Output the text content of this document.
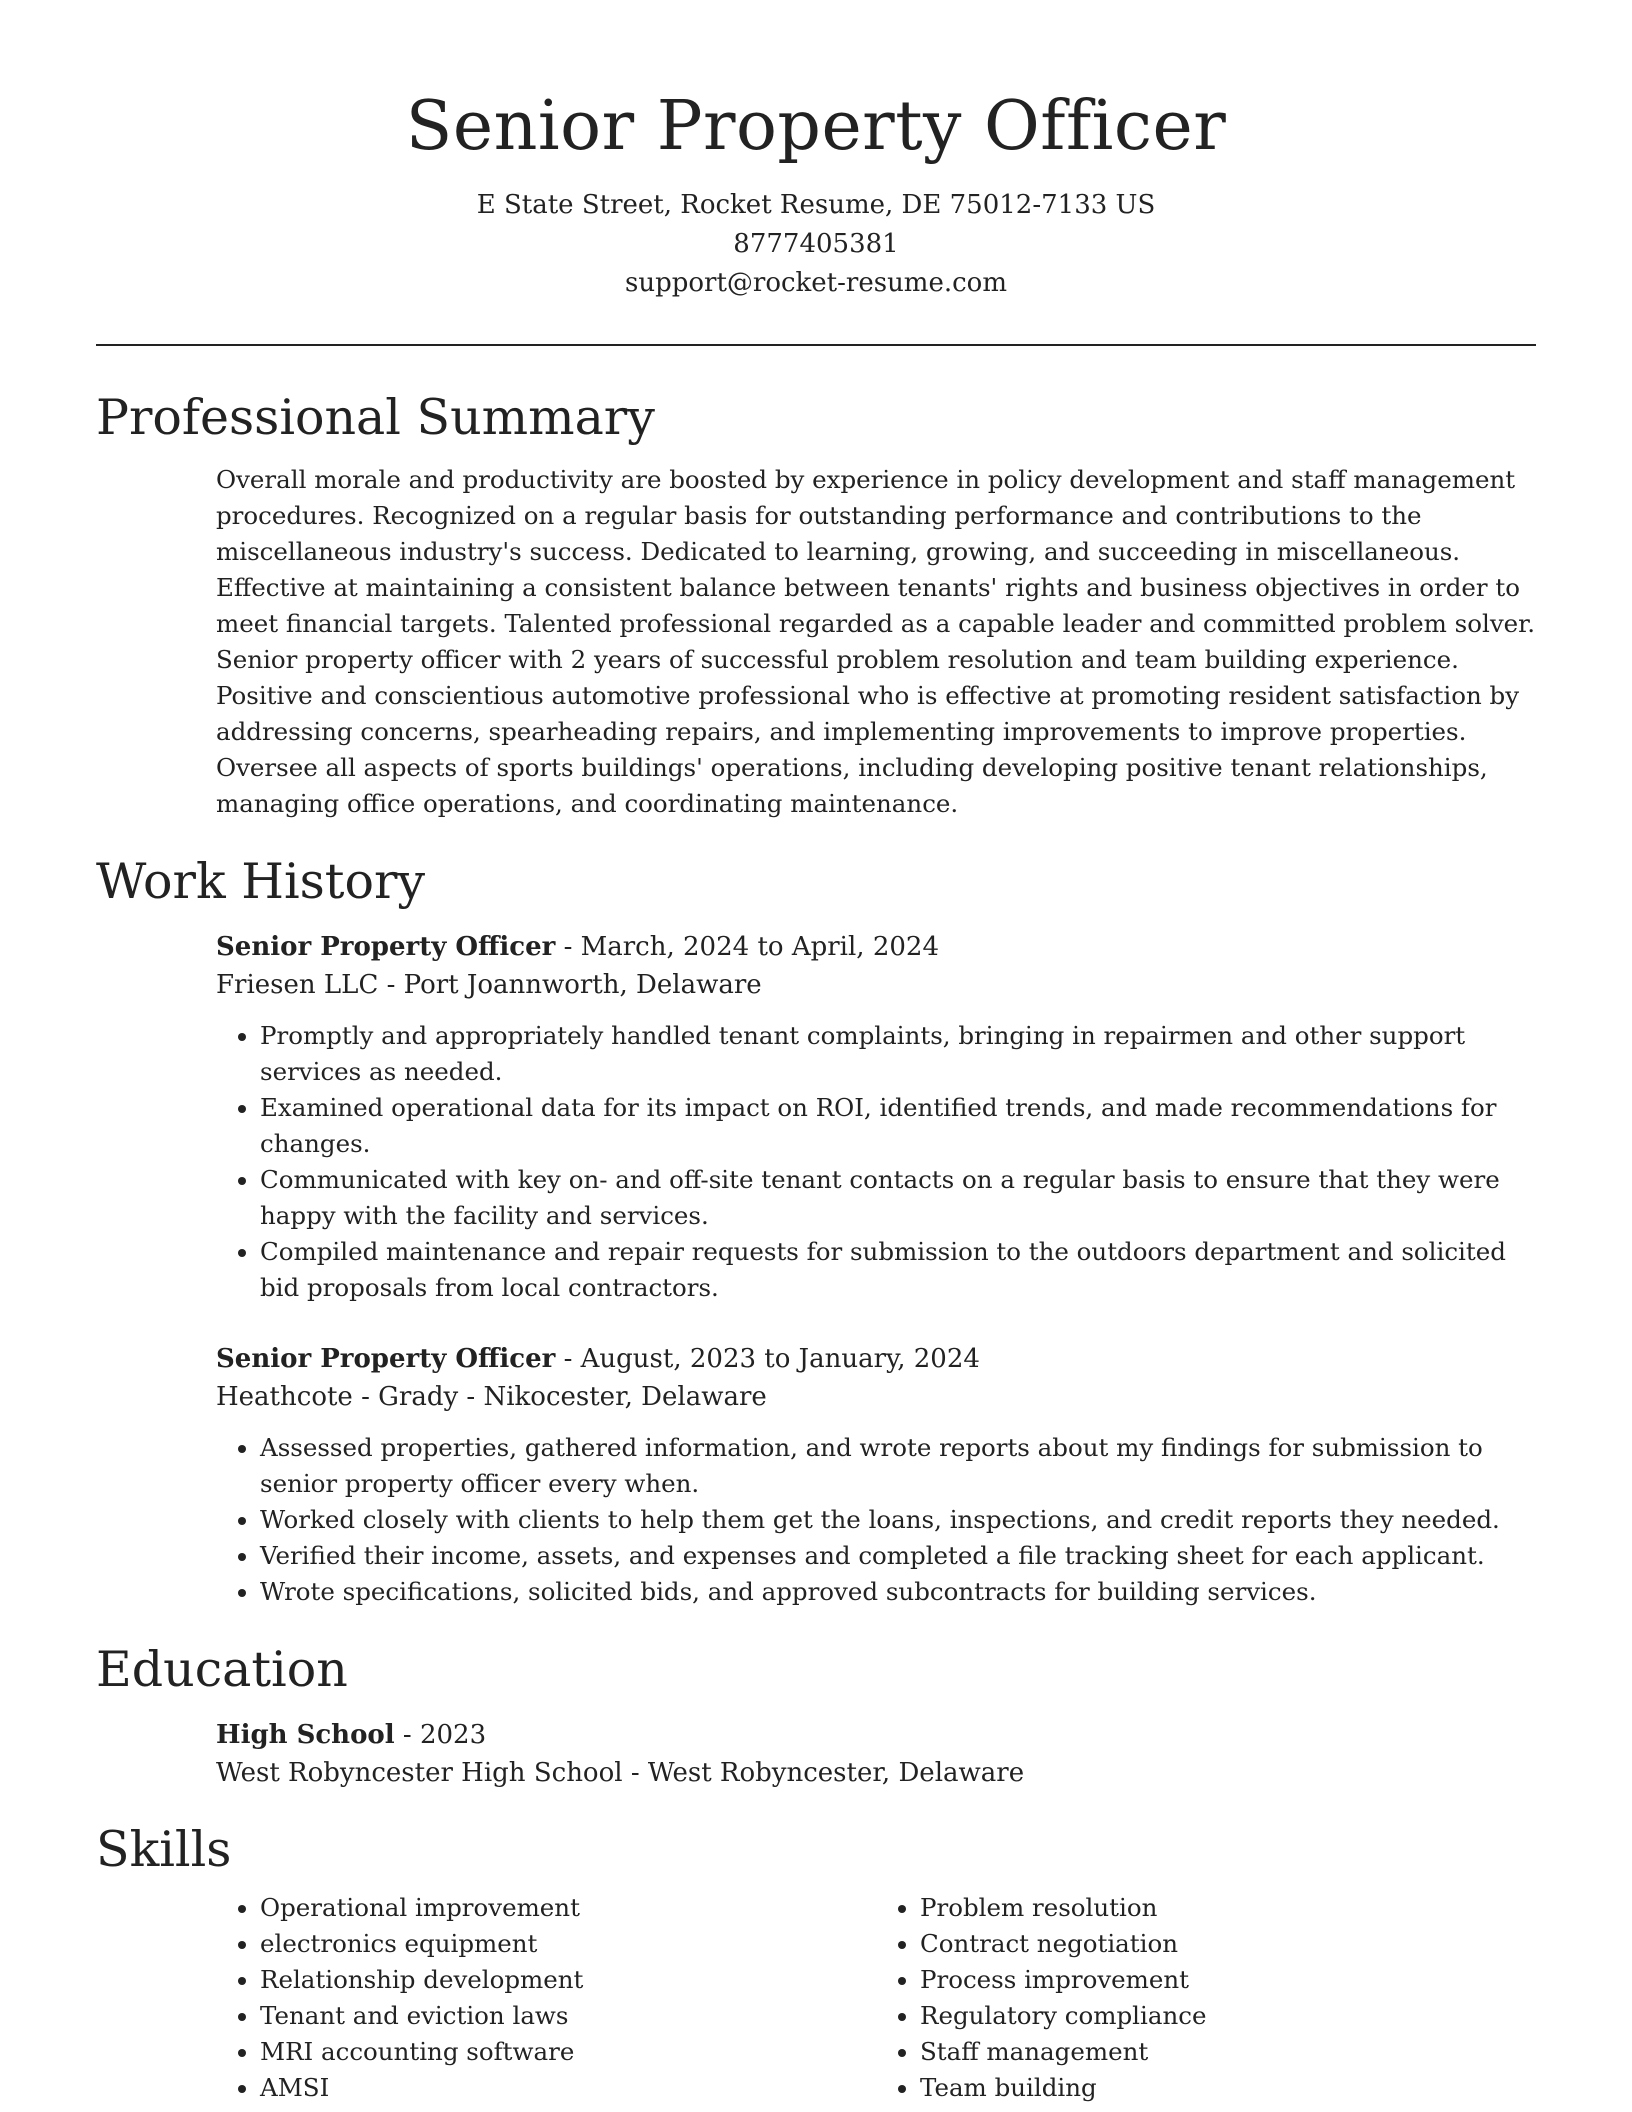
Senior Property Officer
E State Street, Rocket Resume, DE 75012-7133 US
8777405381
support@rocket-resume.com
Professional Summary

Overall morale and productivity are boosted by experience in policy development and staff management procedures. Recognized on a regular basis for outstanding performance and contributions to the miscellaneous industry's success. Dedicated to learning, growing, and succeeding in miscellaneous. Effective at maintaining a consistent balance between tenants' rights and business objectives in order to meet financial targets. Talented professional regarded as a capable leader and committed problem solver. Senior property officer with 2 years of successful problem resolution and team building experience. Positive and conscientious automotive professional who is effective at promoting resident satisfaction by addressing concerns, spearheading repairs, and implementing improvements to improve properties. Oversee all aspects of sports buildings' operations, including developing positive tenant relationships, managing office operations, and coordinating maintenance.

Work History
Senior Property Officer - March, 2024 to April, 2024
Friesen LLC - Port Joannworth, Delaware
• Promptly and appropriately handled tenant complaints, bringing in repairmen and other support services as needed.
• Examined operational data for its impact on ROI, identified trends, and made recommendations for changes.
• Communicated with key on- and off-site tenant contacts on a regular basis to ensure that they were happy with the facility and services.
• Compiled maintenance and repair requests for submission to the outdoors department and solicited bid proposals from local contractors.
Senior Property Officer - August, 2023 to January, 2024
Heathcote - Grady - Nikocester, Delaware
• Assessed properties, gathered information, and wrote reports about my findings for submission to senior property officer every when.
• Worked closely with clients to help them get the loans, inspections, and credit reports they needed.
• Verified their income, assets, and expenses and completed a file tracking sheet for each applicant.
• Wrote specifications, solicited bids, and approved subcontracts for building services.
Education
High School - 2023
West Robyncester High School - West Robyncester, Delaware
Skills
• Operational improvement
• electronics equipment
• Relationship development
• Tenant and eviction laws
• MRI accounting software
• AMSI
• Problem resolution
• Contract negotiation
• Process improvement
• Regulatory compliance
• Staff management
• Team building
